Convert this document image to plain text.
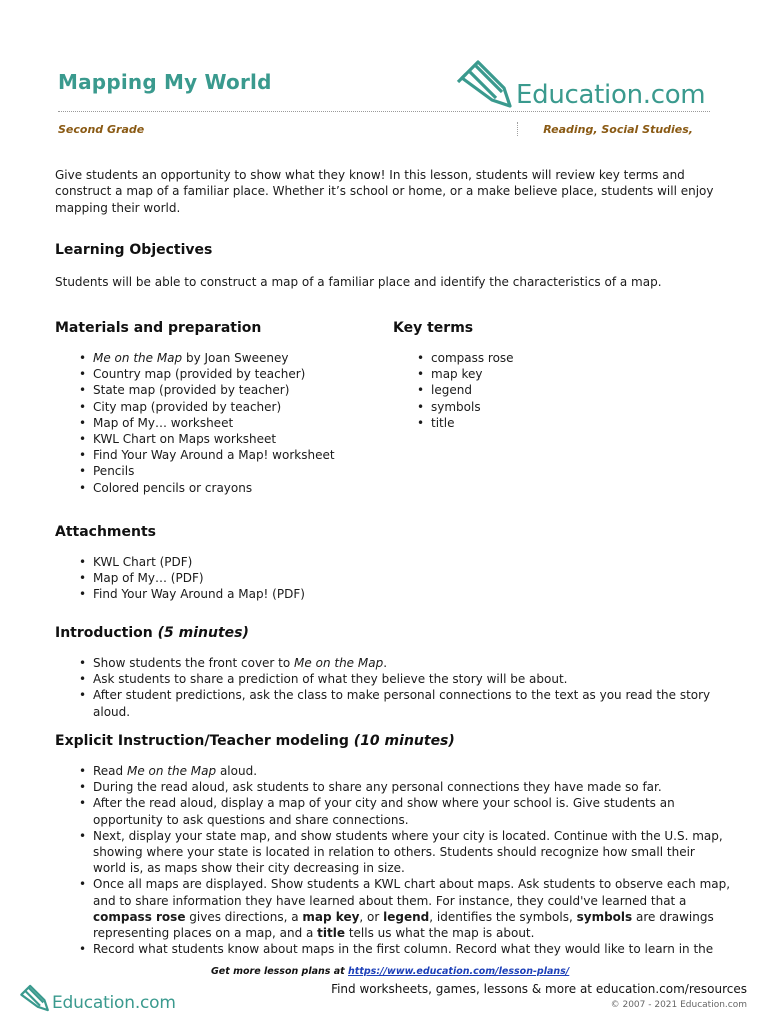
Mapping My World	Education.com
Second Grade	Reading, Social Studies,
Give students an opportunity to show what they know! In this lesson, students will review key terms and
construct a map of a familiar place. Whether it’s school or home, or a make believe place, students will enjoy
mapping their world.
Learning Objectives
Students will be able to construct a map of a familiar place and identify the characteristics of a map.
Materials and preparation
• Me on the Map by Joan Sweeney
• Country map (provided by teacher)
• State map (provided by teacher)
• City map (provided by teacher)
• Map of My… worksheet
• KWL Chart on Maps worksheet
• Find Your Way Around a Map! worksheet
• Pencils
• Colored pencils or crayons
Key terms
• compass rose
• map key
• legend
• symbols
• title
Attachments
• KWL Chart (PDF)
• Map of My… (PDF)
• Find Your Way Around a Map! (PDF)
Introduction (5 minutes)
• Show students the front cover to Me on the Map.
• Ask students to share a prediction of what they believe the story will be about.
• After student predictions, ask the class to make personal connections to the text as you read the story
aloud.
Explicit Instruction/Teacher modeling (10 minutes)
• Read Me on the Map aloud.
• During the read aloud, ask students to share any personal connections they have made so far.
• After the read aloud, display a map of your city and show where your school is. Give students an opportunity to ask questions and share connections.
• Next, display your state map, and show students where your city is located. Continue with the U.S. map, showing where your state is located in relation to others. Students should recognize how small their world is, as maps show their city decreasing in size.
• Once all maps are displayed. Show students a KWL chart about maps. Ask students to observe each map, and to share information they have learned about them. For instance, they could've learned that a compass rose gives directions, a map key, or legend, identifies the symbols, symbols are drawings representing places on a map, and a title tells us what the map is about.
• Record what students know about maps in the first column. Record what they would like to learn in the
Get more lesson plans at https://www.education.com/lesson-plans/
Education.com
Find worksheets, games, lessons & more at education.com/resources
© 2007 - 2021 Education.com
